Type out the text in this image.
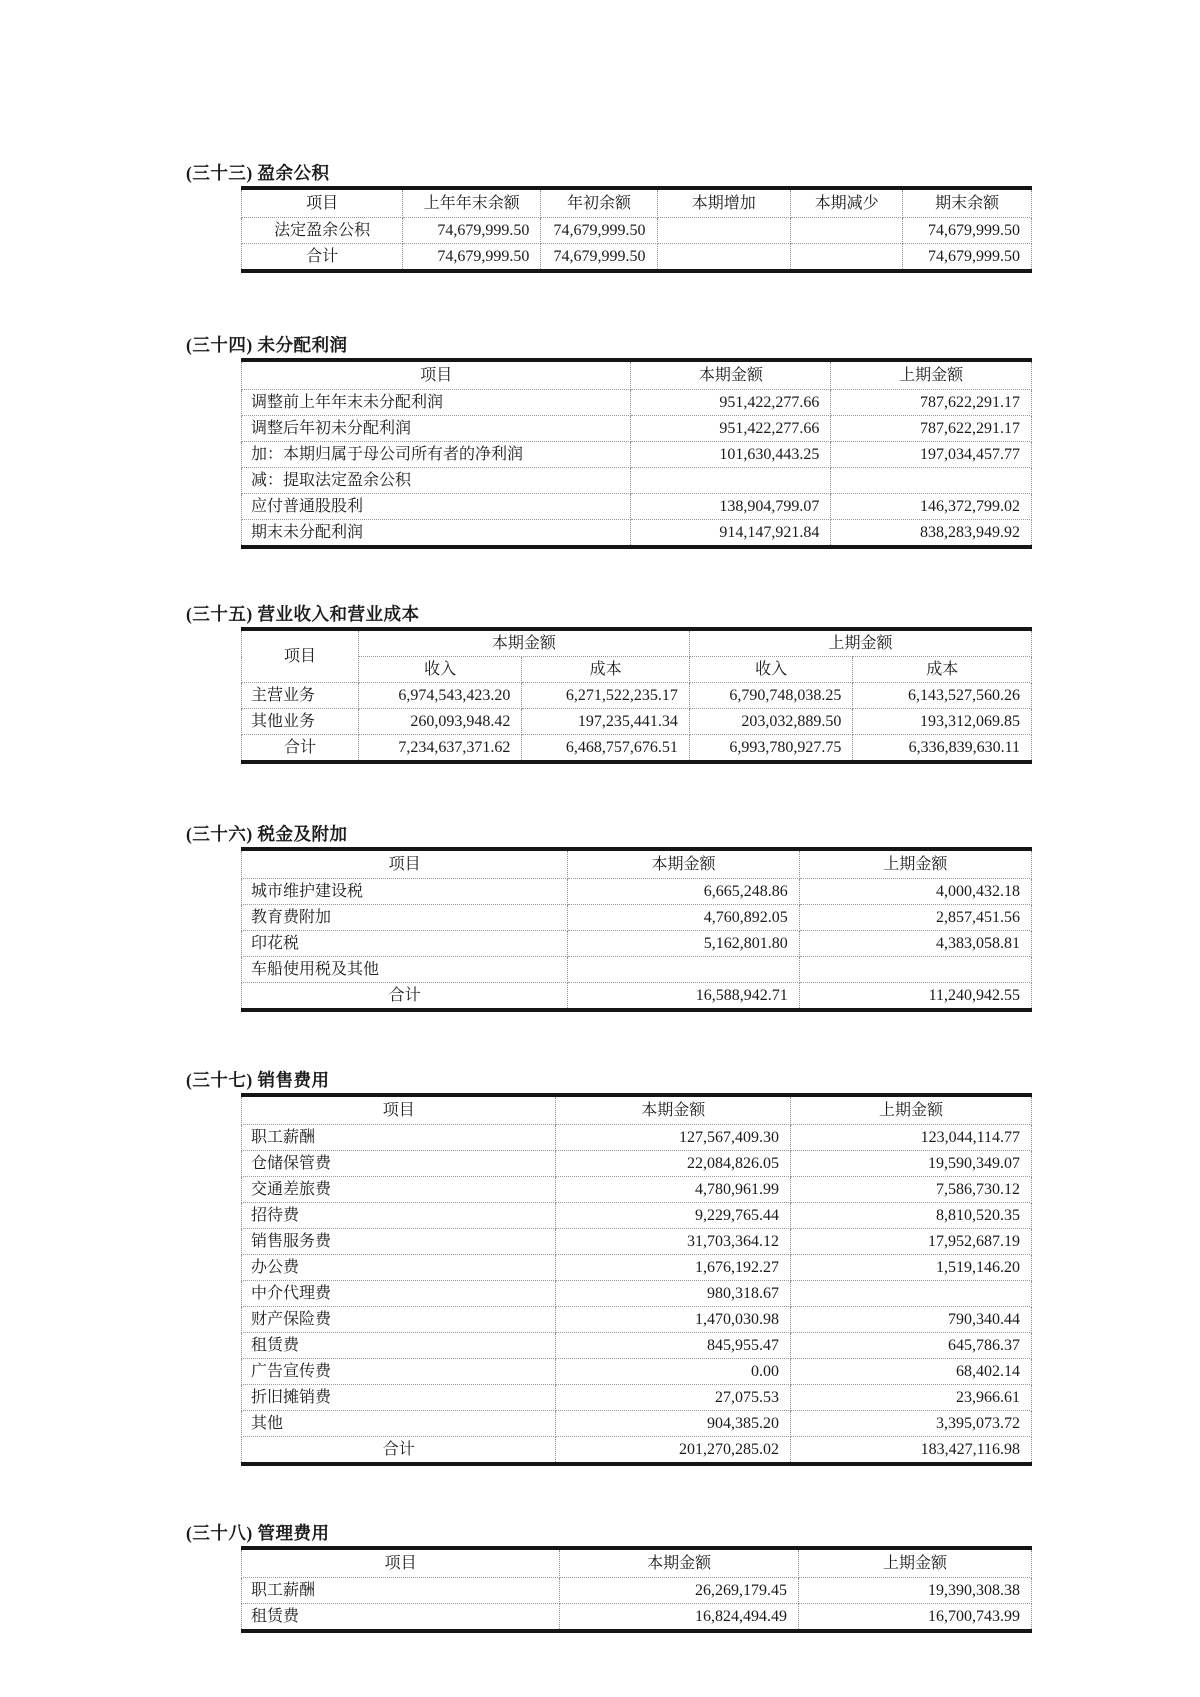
(三十三) 盈余公积
项目	上年年末余额	年初余额	本期增加	本期减少	期末余额
法定盈余公积	74,679,999.50	74,679,999.50			74,679,999.50
合计	74,679,999.50	74,679,999.50			74,679,999.50
(三十四) 未分配利润
项目	本期金额	上期金额
调整前上年年末未分配利润	951,422,277.66	787,622,291.17
调整后年初未分配利润	951,422,277.66	787,622,291.17
加：本期归属于母公司所有者的净利润	101,630,443.25	197,034,457.77
减：提取法定盈余公积		
应付普通股股利	138,904,799.07	146,372,799.02
期末未分配利润	914,147,921.84	838,283,949.92
(三十五) 营业收入和营业成本
项目	本期金额		上期金额	
	收入	成本	收入	成本
主营业务	6,974,543,423.20	6,271,522,235.17	6,790,748,038.25	6,143,527,560.26
其他业务	260,093,948.42	197,235,441.34	203,032,889.50	193,312,069.85
合计	7,234,637,371.62	6,468,757,676.51	6,993,780,927.75	6,336,839,630.11
(三十六) 税金及附加
项目	本期金额	上期金额
城市维护建设税	6,665,248.86	4,000,432.18
教育费附加	4,760,892.05	2,857,451.56
印花税	5,162,801.80	4,383,058.81
车船使用税及其他		
合计	16,588,942.71	11,240,942.55
(三十七) 销售费用
项目	本期金额	上期金额
职工薪酬	127,567,409.30	123,044,114.77
仓储保管费	22,084,826.05	19,590,349.07
交通差旅费	4,780,961.99	7,586,730.12
招待费	9,229,765.44	8,810,520.35
销售服务费	31,703,364.12	17,952,687.19
办公费	1,676,192.27	1,519,146.20
中介代理费	980,318.67	
财产保险费	1,470,030.98	790,340.44
租赁费	845,955.47	645,786.37
广告宣传费	0.00	68,402.14
折旧摊销费	27,075.53	23,966.61
其他	904,385.20	3,395,073.72
合计	201,270,285.02	183,427,116.98
(三十八) 管理费用
项目	本期金额	上期金额
职工薪酬	26,269,179.45	19,390,308.38
租赁费	16,824,494.49	16,700,743.99
